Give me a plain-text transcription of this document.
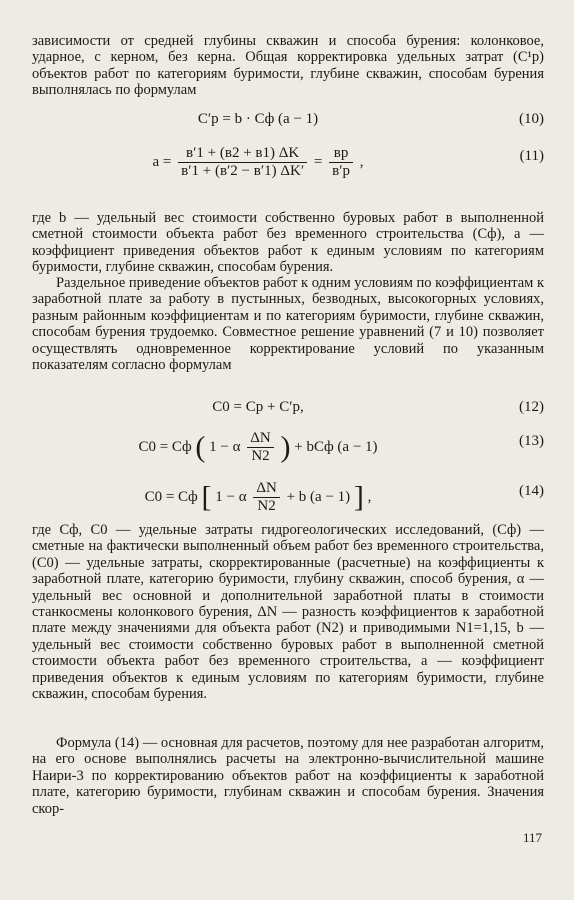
зависимости от средней глубины скважин и способа бурения: колонковое, ударное, с керном, без керна. Общая корректировка удельных затрат (C¹р) объектов работ по категориям буримости, глубине скважин, способам бурения выполнялась по формулам

C′р = b · Cф (a − 1)	(10)
$a = \frac{в'1 + (в2 + в1) \Delta K}{в'1 + (в'2 - в'1) \Delta K'} = \frac{вр}{в'р}$ ,	(11)

где b — удельный вес стоимости собственно буровых работ в выполненной сметной стоимости объекта работ без временного строительства (Cф), a — коэффициент приведения объектов работ к единым условиям по категориям буримости, глубине скважин, способам бурения.

Раздельное приведение объектов работ к одним условиям по коэффициентам к заработной плате за работу в пустынных, безводных, высокогорных условиях, разным районным коэффициентам и по категориям буримости, глубине скважин, способам бурения трудоемко. Совместное решение уравнений (7 и 10) позволяет осуществлять одновременное корректирование условий по указанным показателям согласно формулам

C0 = Cр + C′р,	(12)
C0 = Cф ( 1 − α $\frac{\Delta N}{N2}$ ) + bCф (a − 1)	(13)
C0 = Cф [ 1 − α $\frac{\Delta N}{N2} + b$ (a − 1) ] ,	(14)

где Cф, C0 — удельные затраты гидрогеологических исследований, (Cф) — сметные на фактически выполненный объем работ без временного строительства, (C0) — удельные затраты, скорректированные (расчетные) на коэффициенты к заработной плате, категорию буримости, глубину скважин, способ бурения, α — удельный вес основной и дополнительной заработной платы в стоимости станкосмены колонкового бурения, ΔN — разность коэффициентов к заработной плате между значениями для объекта работ (N2) и приводимыми N1=1,15, b — удельный вес стоимости собственно буровых работ в выполненной сметной стоимости объекта работ без временного строительства, a — коэффициент приведения объектов к единым условиям по категориям буримости, глубине скважин, способам бурения.

Формула (14) — основная для расчетов, поэтому для нее разработан алгоритм, на его основе выполнялись расчеты на электронно-вычислительной машине Наири-3 по корректированию объектов работ на коэффициенты к заработной плате, категорию буримости, глубинам скважин и способам бурения. Значения скор-

117
